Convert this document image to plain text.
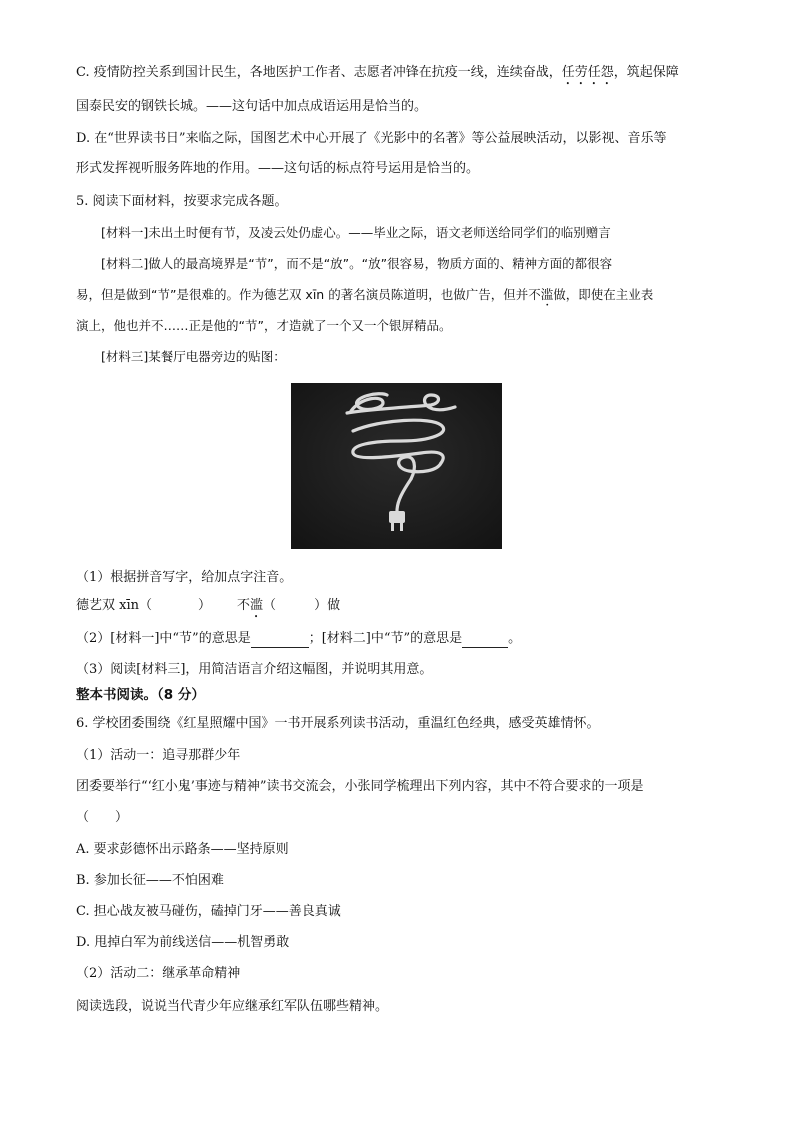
C. 疫情防控关系到国计民生，各地医护工作者、志愿者冲锋在抗疫一线，连续奋战，任劳任怨，筑起保障
国泰民安的钢铁长城。——这句话中加点成语运用是恰当的。
D. 在“世界读书日”来临之际，国图艺术中心开展了《光影中的名著》等公益展映活动，以影视、音乐等
形式发挥视听服务阵地的作用。——这句话的标点符号运用是恰当的。
5. 阅读下面材料，按要求完成各题。
[材料一]未出土时便有节，及凌云处仍虚心。——毕业之际，语文老师送给同学们的临别赠言
[材料二]做人的最高境界是“节”，而不是“放”。“放”很容易，物质方面的、精神方面的都很容
易，但是做到“节”是很难的。作为德艺双 xīn 的著名演员陈道明，也做广告，但并不滥做，即使在主业表
演上，他也并不……正是他的“节”，才造就了一个又一个银屏精品。
[材料三]某餐厅电器旁边的贴图：
（1）根据拼音写字，给加点字注音。
德艺双 xīn（	） 不滥（	）做
（2）[材料一]中“节”的意思是	；[材料二]中“节”的意思是	。
（3）阅读[材料三]，用简洁语言介绍这幅图，并说明其用意。
整本书阅读。（8 分）
6. 学校团委围绕《红星照耀中国》一书开展系列读书活动，重温红色经典，感受英雄情怀。
（1）活动一：追寻那群少年
团委要举行“‘红小鬼’事迹与精神”读书交流会，小张同学梳理出下列内容，其中不符合要求的一项是
（　　）
A. 要求彭德怀出示路条——坚持原则
B. 参加长征——不怕困难
C. 担心战友被马碰伤，磕掉门牙——善良真诚
D. 甩掉白军为前线送信——机智勇敢
（2）活动二：继承革命精神
阅读选段，说说当代青少年应继承红军队伍哪些精神。
